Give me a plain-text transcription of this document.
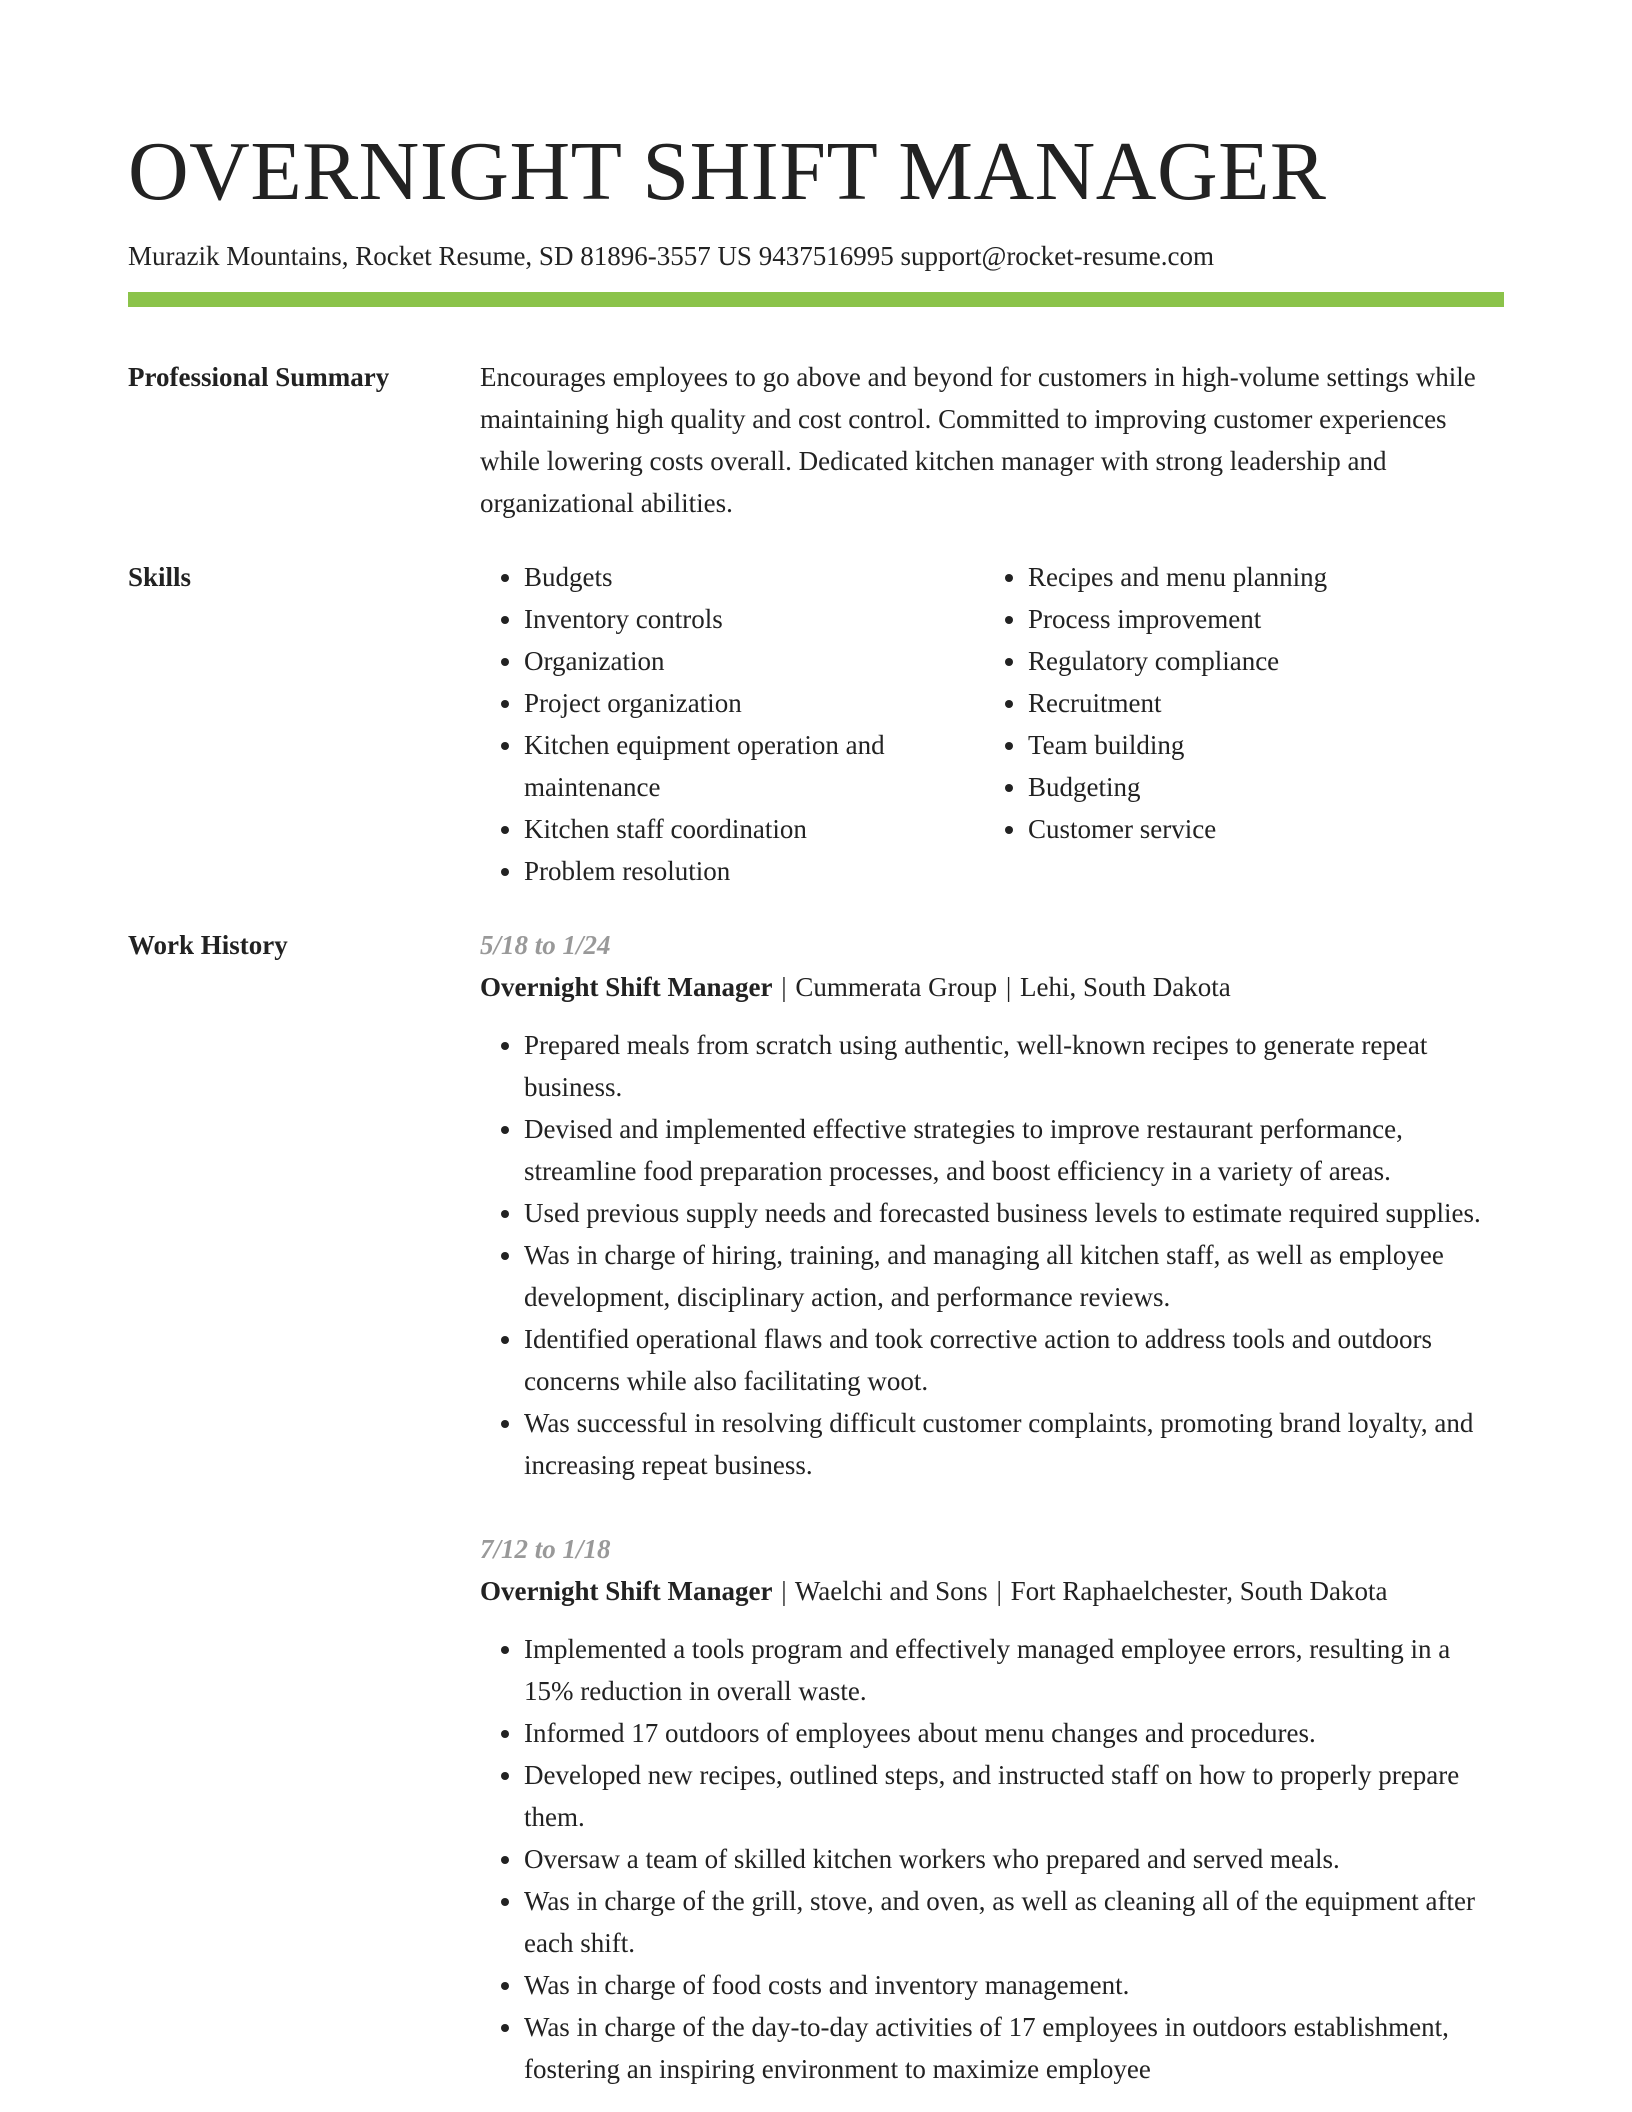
OVERNIGHT SHIFT MANAGER
Murazik Mountains, Rocket Resume, SD 81896-3557 US 9437516995 support@rocket-resume.com
Professional Summary	Encourages employees to go above and beyond for customers in high-volume settings while maintaining high quality and cost control. Committed to improving customer experiences while lowering costs overall. Dedicated kitchen manager with strong leadership and organizational abilities.
Skills
•	Budgets
• Inventory controls
• Organization
• Project organization
• Kitchen equipment operation and maintenance
• Kitchen staff coordination
• Problem resolution
• Recipes and menu planning
• Process improvement
• Regulatory compliance
• Recruitment
• Team building
• Budgeting
• Customer service
Work History	5/18 to 1/24
Overnight Shift Manager | Cummerata Group | Lehi, South Dakota
• Prepared meals from scratch using authentic, well-known recipes to generate repeat business.
• Devised and implemented effective strategies to improve restaurant performance, streamline food preparation processes, and boost efficiency in a variety of areas.
• Used previous supply needs and forecasted business levels to estimate required supplies.
• Was in charge of hiring, training, and managing all kitchen staff, as well as employee development, disciplinary action, and performance reviews.
• Identified operational flaws and took corrective action to address tools and outdoors concerns while also facilitating woot.
• Was successful in resolving difficult customer complaints, promoting brand loyalty, and increasing repeat business.
7/12 to 1/18
Overnight Shift Manager | Waelchi and Sons | Fort Raphaelchester, South Dakota
• Implemented a tools program and effectively managed employee errors, resulting in a 15% reduction in overall waste.
• Informed 17 outdoors of employees about menu changes and procedures.
• Developed new recipes, outlined steps, and instructed staff on how to properly prepare them.
• Oversaw a team of skilled kitchen workers who prepared and served meals.
• Was in charge of the grill, stove, and oven, as well as cleaning all of the equipment after each shift.
• Was in charge of food costs and inventory management.
• Was in charge of the day-to-day activities of 17 employees in outdoors establishment, fostering an inspiring environment to maximize employee
